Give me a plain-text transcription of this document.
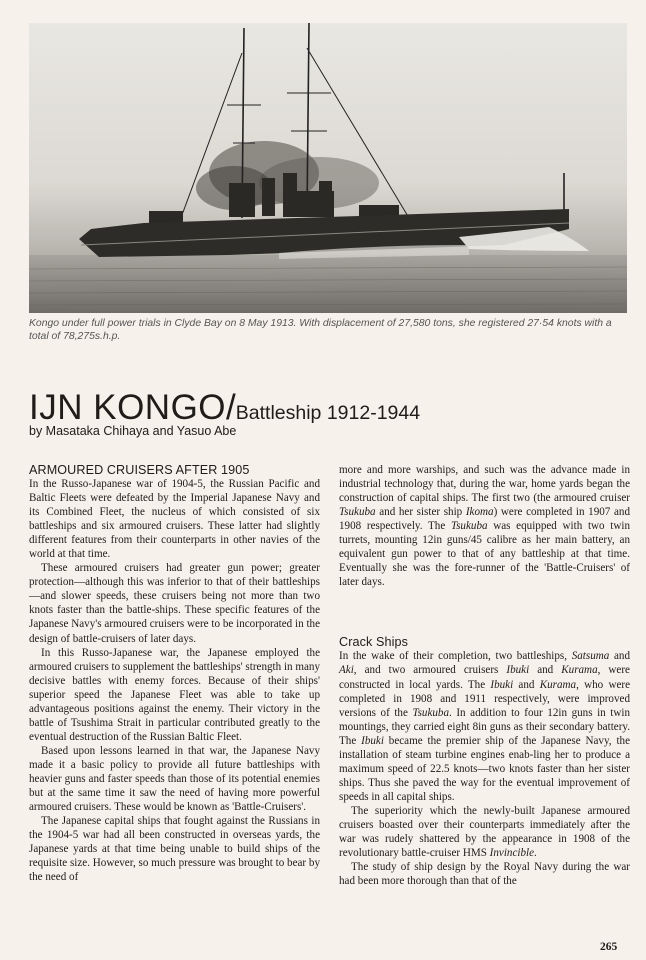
Kongo under full power trials in Clyde Bay on 8 May 1913. With displacement of 27,580 tons, she registered 27·54 knots with a total of 78,275s.h.p.

IJN KONGO/Battleship 1912-1944
by Masataka Chihaya and Yasuo Abe
ARMOURED CRUISERS AFTER 1905

In the Russo-Japanese war of 1904-5, the Russian Pacific and Baltic Fleets were defeated by the Imperial Japanese Navy and its Combined Fleet, the nucleus of which consisted of six battleships and six armoured cruisers. These latter had slightly different features from their counterparts in other navies of the world at that time.

These armoured cruisers had greater gun power; greater protection—although this was inferior to that of their battleships—and slower speeds, these cruisers being not more than two knots faster than the battle-ships. These specific features of the Japanese Navy's armoured cruisers were to be incorporated in the design of battle-cruisers of later days.

In this Russo-Japanese war, the Japanese employed the armoured cruisers to supplement the battleships' strength in many decisive battles with enemy forces. Because of their ships' superior speed the Japanese Fleet was able to take up advantageous positions against the enemy. Their victory in the battle of Tsushima Strait in particular contributed greatly to the eventual destruction of the Russian Baltic Fleet.

Based upon lessons learned in that war, the Japanese Navy made it a basic policy to provide all future battleships with heavier guns and faster speeds than those of its potential enemies but at the same time it saw the need of having more powerful armoured cruisers. These would be known as 'Battle-Cruisers'.

The Japanese capital ships that fought against the Russians in the 1904-5 war had all been constructed in overseas yards, the Japanese yards at that time being unable to build ships of the requisite size. However, so much pressure was brought to bear by the need of

more and more warships, and such was the advance made in industrial technology that, during the war, home yards began the construction of capital ships. The first two (the armoured cruiser Tsukuba and her sister ship Ikoma) were completed in 1907 and 1908 respectively. The Tsukuba was equipped with two twin turrets, mounting 12in guns/45 calibre as her main battery, an equivalent gun power to that of any battleship at that time. Eventually she was the fore-runner of the 'Battle-Cruisers' of later days.

Crack Ships

In the wake of their completion, two battleships, Satsuma and Aki, and two armoured cruisers Ibuki and Kurama, were constructed in local yards. The Ibuki and Kurama, who were completed in 1908 and 1911 respectively, were improved versions of the Tsukuba. In addition to four 12in guns in twin mountings, they carried eight 8in guns as their secondary battery. The Ibuki became the premier ship of the Japanese Navy, the installation of steam turbine engines enab-ling her to produce a maximum speed of 22.5 knots—two knots faster than her sister ships. Thus she paved the way for the eventual improvement of speeds in all capital ships.

The superiority which the newly-built Japanese armoured cruisers boasted over their counterparts immediately after the war was rudely shattered by the appearance in 1908 of the revolutionary battle-cruiser HMS Invincible.

The study of ship design by the Royal Navy during the war had been more thorough than that of the

265
